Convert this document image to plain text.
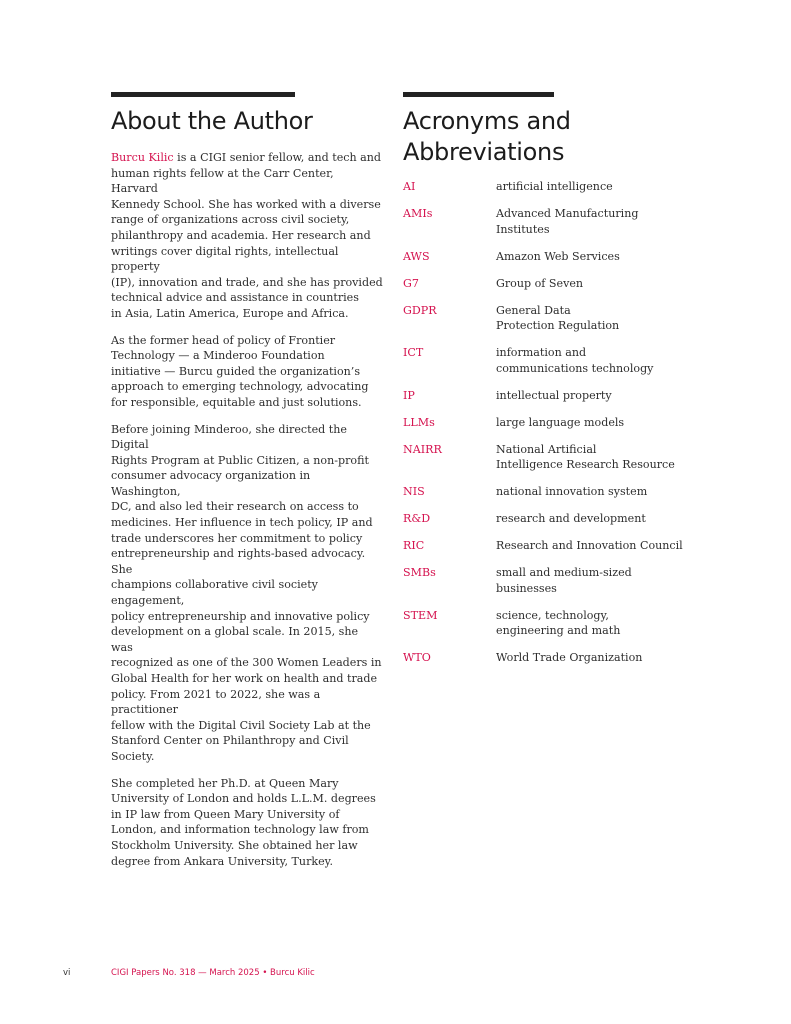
About the Author

Burcu Kilic is a CIGI senior fellow, and tech and
human rights fellow at the Carr Center, Harvard
Kennedy School. She has worked with a diverse
range of organizations across civil society,
philanthropy and academia. Her research and
writings cover digital rights, intellectual property
(IP), innovation and trade, and she has provided
technical advice and assistance in countries
in Asia, Latin America, Europe and Africa.

As the former head of policy of Frontier
Technology — a Minderoo Foundation
initiative — Burcu guided the organization’s
approach to emerging technology, advocating
for responsible, equitable and just solutions.

Before joining Minderoo, she directed the Digital
Rights Program at Public Citizen, a non-profit
consumer advocacy organization in Washington,
DC, and also led their research on access to
medicines. Her influence in tech policy, IP and
trade underscores her commitment to policy
entrepreneurship and rights-based advocacy. She
champions collaborative civil society engagement,
policy entrepreneurship and innovative policy
development on a global scale. In 2015, she was
recognized as one of the 300 Women Leaders in
Global Health for her work on health and trade
policy. From 2021 to 2022, she was a practitioner
fellow with the Digital Civil Society Lab at the
Stanford Center on Philanthropy and Civil Society.

She completed her Ph.D. at Queen Mary
University of London and holds L.L.M. degrees
in IP law from Queen Mary University of
London, and information technology law from
Stockholm University. She obtained her law
degree from Ankara University, Turkey.

Acronyms and
Abbreviations
AI	artificial intelligence
AMIs	Advanced Manufacturing
Institutes
AWS	Amazon Web Services
G7	Group of Seven
GDPR	General Data
Protection Regulation
ICT	information and
communications technology
IP	intellectual property
LLMs	large language models
NAIRR	National Artificial
Intelligence Research Resource
NIS	national innovation system
R&D	research and development
RIC	Research and Innovation Council
SMBs	small and medium-sized
businesses
STEM	science, technology,
engineering and math
WTO	World Trade Organization
vi	CIGI Papers No. 318 — March 2025 • Burcu Kilic
